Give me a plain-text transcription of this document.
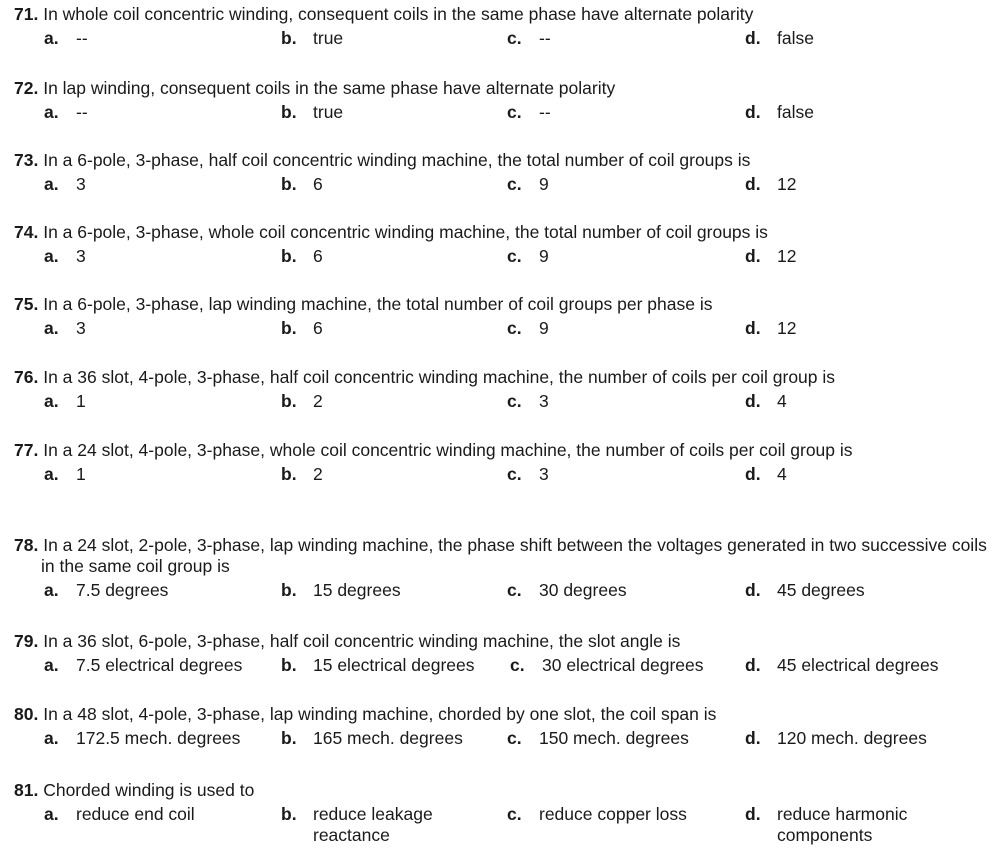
71. In whole coil concentric winding, consequent coils in the same phase have alternate polarity
a. --	b. true	c. --	d. false
72. In lap winding, consequent coils in the same phase have alternate polarity
a. --	b. true	c. --	d. false
73. In a 6-pole, 3-phase, half coil concentric winding machine, the total number of coil groups is
a. 3	b. 6	c. 9	d. 12
74. In a 6-pole, 3-phase, whole coil concentric winding machine, the total number of coil groups is
a. 3	b. 6	c. 9	d. 12
75. In a 6-pole, 3-phase, lap winding machine, the total number of coil groups per phase is
a. 3	b. 6	c. 9	d. 12
76. In a 36 slot, 4-pole, 3-phase, half coil concentric winding machine, the number of coils per coil group is
a. 1	b. 2	c. 3	d. 4
77. In a 24 slot, 4-pole, 3-phase, whole coil concentric winding machine, the number of coils per coil group is
a. 1	b. 2	c. 3	d. 4
78. In a 24 slot, 2-pole, 3-phase, lap winding machine, the phase shift between the voltages generated in two successive coils in the same coil group is
a. 7.5 degrees	b. 15 degrees	c. 30 degrees	d. 45 degrees
79. In a 36 slot, 6-pole, 3-phase, half coil concentric winding machine, the slot angle is
a. 7.5 electrical degrees b. 15 electrical degrees c. 30 electrical degrees d. 45 electrical degrees
80. In a 48 slot, 4-pole, 3-phase, lap winding machine, chorded by one slot, the coil span is
a. 172.5 mech. degrees b. 165 mech. degrees	c. 150 mech. degrees	d. 120 mech. degrees
81. Chorded winding is used to
a. reduce end coil	b. reduce leakage reactance
c. reduce copper loss	d. reduce harmonic components
